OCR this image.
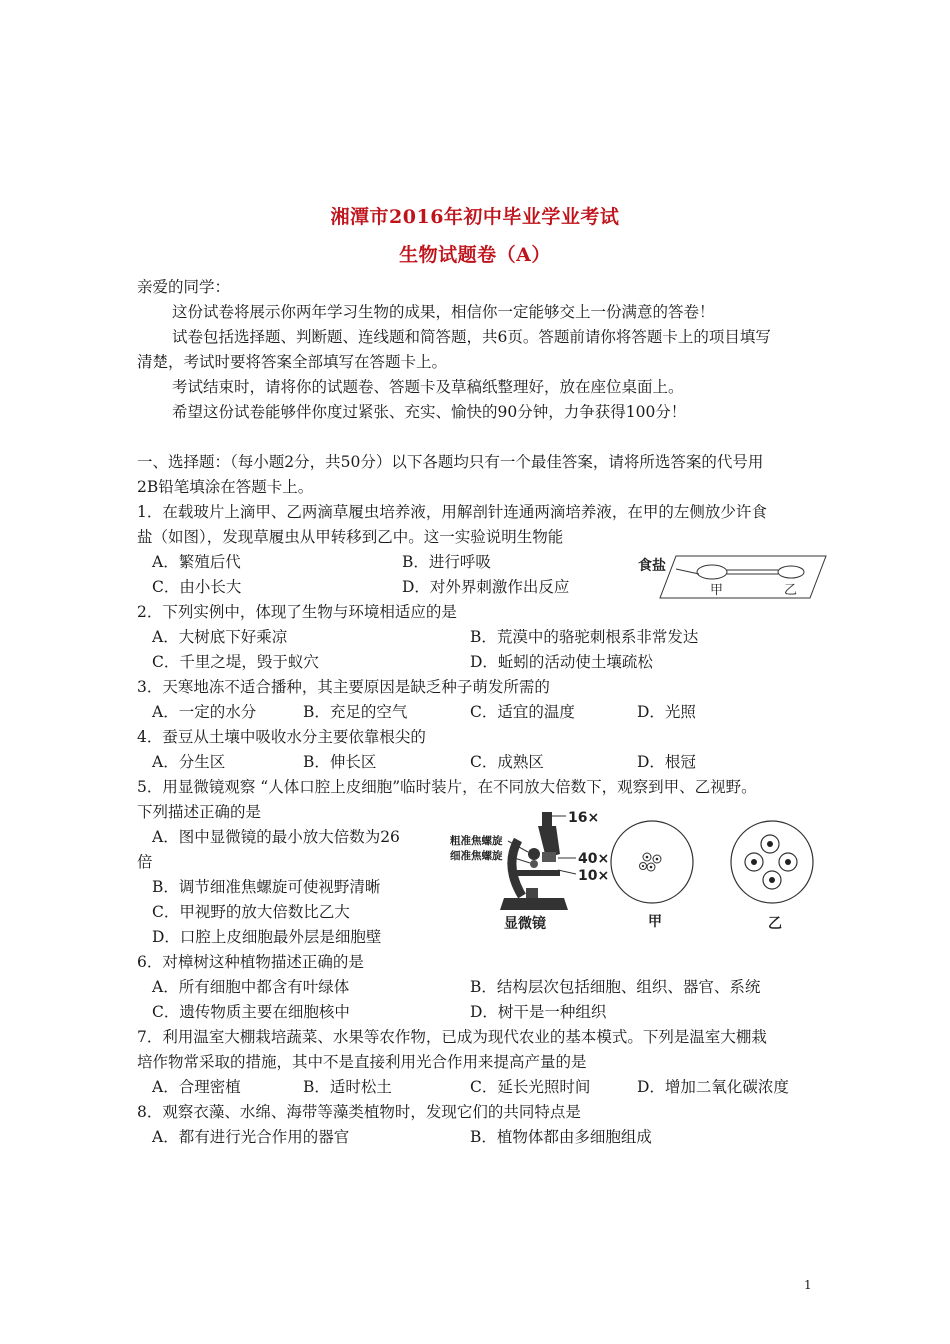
湘潭市2016年初中毕业学业考试
生物试题卷（A）
亲爱的同学：
这份试卷将展示你两年学习生物的成果，相信你一定能够交上一份满意的答卷！
试卷包括选择题、判断题、连线题和简答题，共6页。答题前请你将答题卡上的项目填写
清楚，考试时要将答案全部填写在答题卡上。
考试结束时，请将你的试题卷、答题卡及草稿纸整理好，放在座位桌面上。
希望这份试卷能够伴你度过紧张、充实、愉快的90分钟，力争获得100分！
一、选择题：（每小题2分，共50分）以下各题均只有一个最佳答案，请将所选答案的代号用
2B铅笔填涂在答题卡上。
1．在载玻片上滴甲、乙两滴草履虫培养液，用解剖针连通两滴培养液，在甲的左侧放少许食
盐（如图），发现草履虫从甲转移到乙中。这一实验说明生物能
A．繁殖后代	B．进行呼吸
C．由小长大	D．对外界刺激作出反应
食盐
甲	乙
2．下列实例中，体现了生物与环境相适应的是
A．大树底下好乘凉	B．荒漠中的骆驼刺根系非常发达
C．千里之堤，毁于蚁穴	D．蚯蚓的活动使土壤疏松
3．天寒地冻不适合播种，其主要原因是缺乏种子萌发所需的
A．一定的水分	B．充足的空气	C．适宜的温度	D．光照
4．蚕豆从土壤中吸收水分主要依靠根尖的
A．分生区	B．伸长区	C．成熟区	D．根冠
5．用显微镜观察 “人体口腔上皮细胞”临时装片，在不同放大倍数下，观察到甲、乙视野。
下列描述正确的是
A．图中显微镜的最小放大倍数为26
倍
B．调节细准焦螺旋可使视野清晰
C．甲视野的放大倍数比乙大
D．口腔上皮细胞最外层是细胞壁
16×
40×
10×
粗准焦螺旋
细准焦螺旋
显微镜	甲	乙
6．对樟树这种植物描述正确的是
A．所有细胞中都含有叶绿体	B．结构层次包括细胞、组织、器官、系统
C．遗传物质主要在细胞核中	D．树干是一种组织
7．利用温室大棚栽培蔬菜、水果等农作物，已成为现代农业的基本模式。下列是温室大棚栽
培作物常采取的措施，其中不是直接利用光合作用来提高产量的是
A．合理密植	B．适时松土	C．延长光照时间	D．增加二氧化碳浓度
8．观察衣藻、水绵、海带等藻类植物时，发现它们的共同特点是
A．都有进行光合作用的器官	B．植物体都由多细胞组成
1
